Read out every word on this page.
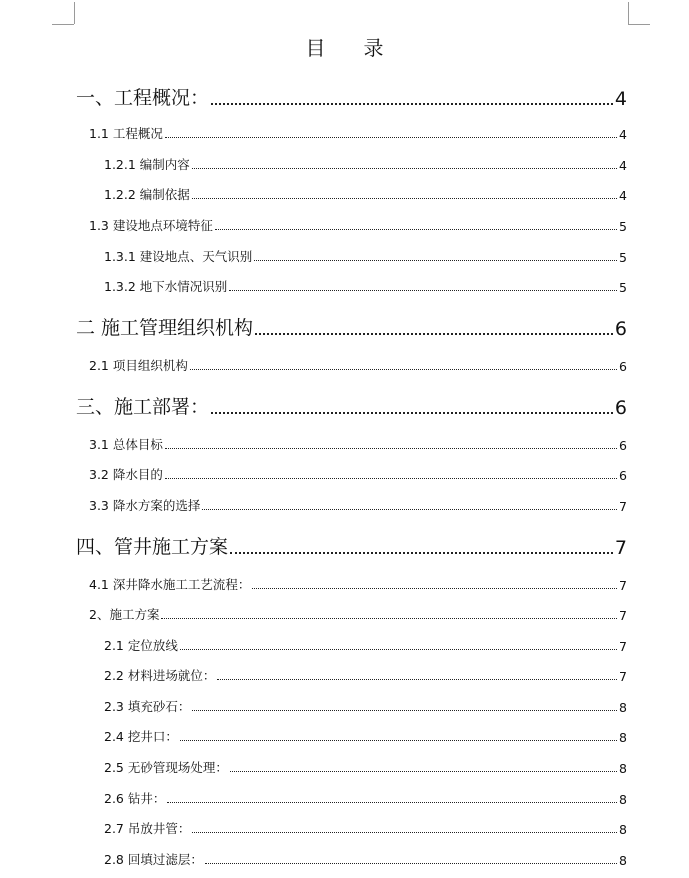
目 录
一、工程概况：	4
1.1 工程概况	4
1.2.1 编制内容	4
1.2.2 编制依据	4
1.3 建设地点环境特征	5
1.3.1 建设地点、天气识别	5
1.3.2 地下水情况识别	5
二 施工管理组织机构	6
2.1 项目组织机构	6
三、施工部署：	6
3.1 总体目标	6
3.2 降水目的	6
3.3 降水方案的选择	7
四、管井施工方案	7
4.1 深井降水施工工艺流程：	7
2、施工方案	7
2.1 定位放线	7
2.2 材料进场就位：	7
2.3 填充砂石：	8
2.4 挖井口：	8
2.5 无砂管现场处理：	8
2.6 钻井：	8
2.7 吊放井管：	8
2.8 回填过滤层：	8
